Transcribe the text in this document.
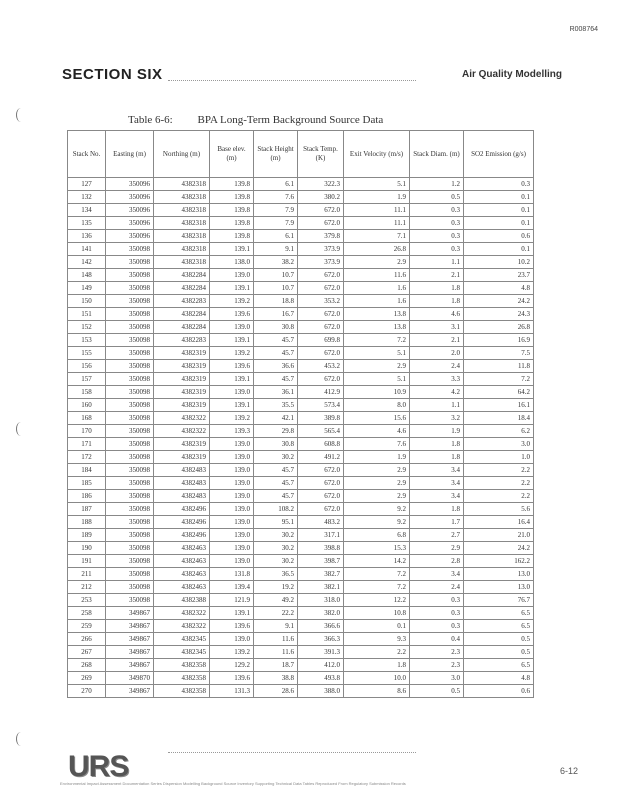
R008764
SECTION SIX	Air Quality Modelling
Table 6-6: BPA Long-Term Background Source Data
Stack No.	Easting (m)	Northing (m)	Base elev. (m)	Stack Height (m)	Stack Temp. (K)	Exit Velocity (m/s)	Stack Diam. (m)	SO2 Emission (g/s)
127	350096	4382318	139.8	6.1	322.3	5.1	1.2	0.3
132	350096	4382318	139.8	7.6	380.2	1.9	0.5	0.1
134	350096	4382318	139.8	7.9	672.0	11.1	0.3	0.1
135	350096	4382318	139.8	7.9	672.0	11.1	0.3	0.1
136	350096	4382318	139.8	6.1	379.8	7.1	0.3	0.6
141	350098	4382318	139.1	9.1	373.9	26.8	0.3	0.1
142	350098	4382318	138.0	38.2	373.9	2.9	1.1	10.2
148	350098	4382284	139.0	10.7	672.0	11.6	2.1	23.7
149	350098	4382284	139.1	10.7	672.0	1.6	1.8	4.8
150	350098	4382283	139.2	18.8	353.2	1.6	1.8	24.2
151	350098	4382284	139.6	16.7	672.0	13.8	4.6	24.3
152	350098	4382284	139.0	30.8	672.0	13.8	3.1	26.8
153	350098	4382283	139.1	45.7	699.8	7.2	2.1	16.9
155	350098	4382319	139.2	45.7	672.0	5.1	2.0	7.5
156	350098	4382319	139.6	36.6	453.2	2.9	2.4	11.8
157	350098	4382319	139.1	45.7	672.0	5.1	3.3	7.2
158	350098	4382319	139.0	36.1	412.9	10.9	4.2	64.2
160	350098	4382319	139.1	35.5	573.4	8.0	1.1	16.1
168	350098	4382322	139.2	42.1	389.8	15.6	3.2	18.4
170	350098	4382322	139.3	29.8	565.4	4.6	1.9	6.2
171	350098	4382319	139.0	30.8	608.8	7.6	1.8	3.0
172	350098	4382319	139.0	30.2	491.2	1.9	1.8	1.0
184	350098	4382483	139.0	45.7	672.0	2.9	3.4	2.2
185	350098	4382483	139.0	45.7	672.0	2.9	3.4	2.2
186	350098	4382483	139.0	45.7	672.0	2.9	3.4	2.2
187	350098	4382496	139.0	108.2	672.0	9.2	1.8	5.6
188	350098	4382496	139.0	95.1	483.2	9.2	1.7	16.4
189	350098	4382496	139.0	30.2	317.1	6.8	2.7	21.0
190	350098	4382463	139.0	30.2	398.8	15.3	2.9	24.2
191	350098	4382463	139.0	30.2	398.7	14.2	2.8	162.2
211	350098	4382463	131.8	36.5	382.7	7.2	3.4	13.0
212	350098	4382463	139.4	19.2	382.1	7.2	2.4	13.0
253	350098	4382388	121.9	49.2	318.0	12.2	0.3	76.7
258	349867	4382322	139.1	22.2	382.0	10.8	0.3	6.5
259	349867	4382322	139.6	9.1	366.6	0.1	0.3	6.5
266	349867	4382345	139.0	11.6	366.3	9.3	0.4	0.5
267	349867	4382345	139.2	11.6	391.3	2.2	2.3	0.5
268	349867	4382358	129.2	18.7	412.0	1.8	2.3	6.5
269	349870	4382358	139.6	38.8	493.8	10.0	3.0	4.8
270	349867	4382358	131.3	28.6	388.0	8.6	0.5	0.6
URS	6-12
Environmental Impact Assessment Documentation Series Dispersion Modelling Background Source Inventory Supporting Technical Data Tables Reproduced From Regulatory Submission Records
